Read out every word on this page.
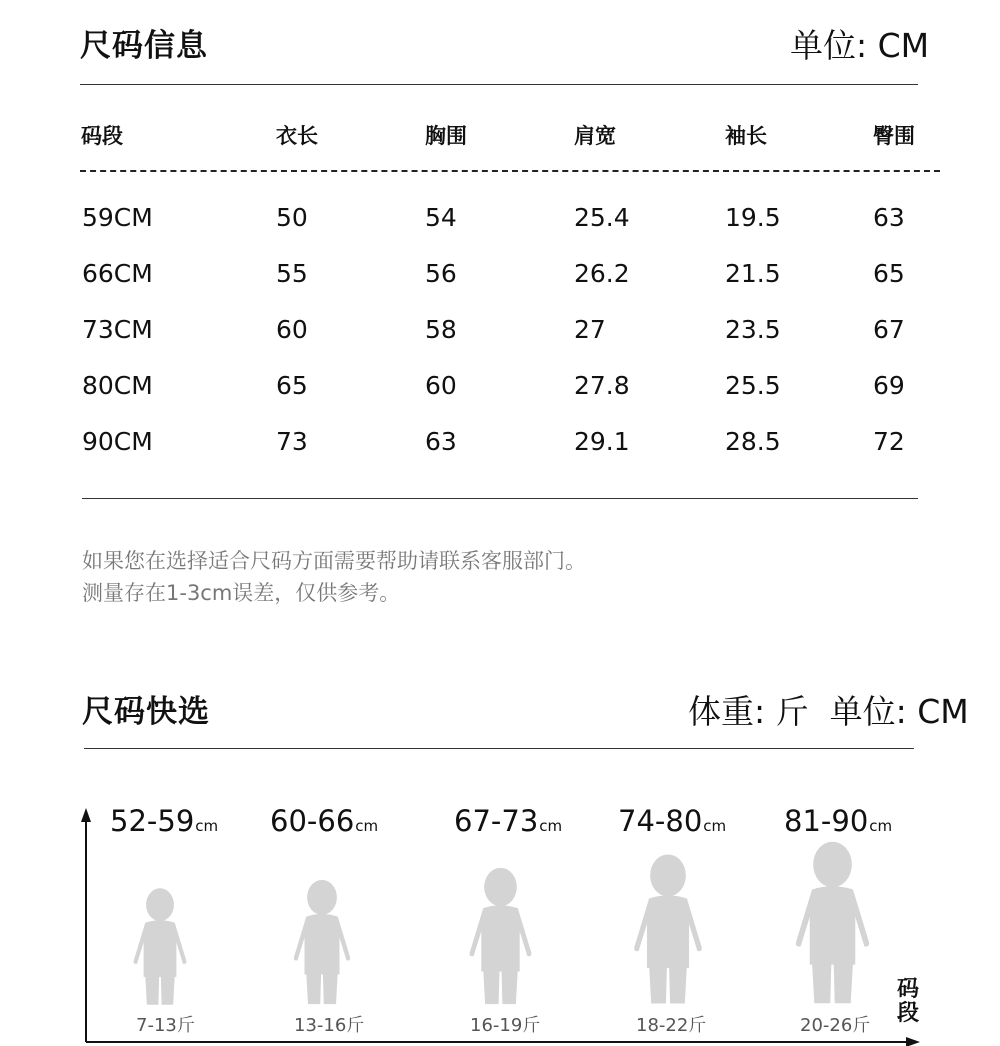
尺码信息	单位: CM
码段	衣长	胸围	肩宽	袖长	臀围
59CM	50	54	25.4	19.5	63
66CM	55	56	26.2	21.5	65
73CM	60	58	27	23.5	67
80CM	65	60	27.8	25.5	69
90CM	73	63	29.1	28.5	72
如果您在选择适合尺码方面需要帮助请联系客服部门。
测量存在1-3cm误差，仅供参考。
尺码快选	体重: 斤  单位: CM
码
段
52-59cm
7-13斤
60-66cm
13-16斤
67-73cm
16-19斤
74-80cm
18-22斤
81-90cm
20-26斤
